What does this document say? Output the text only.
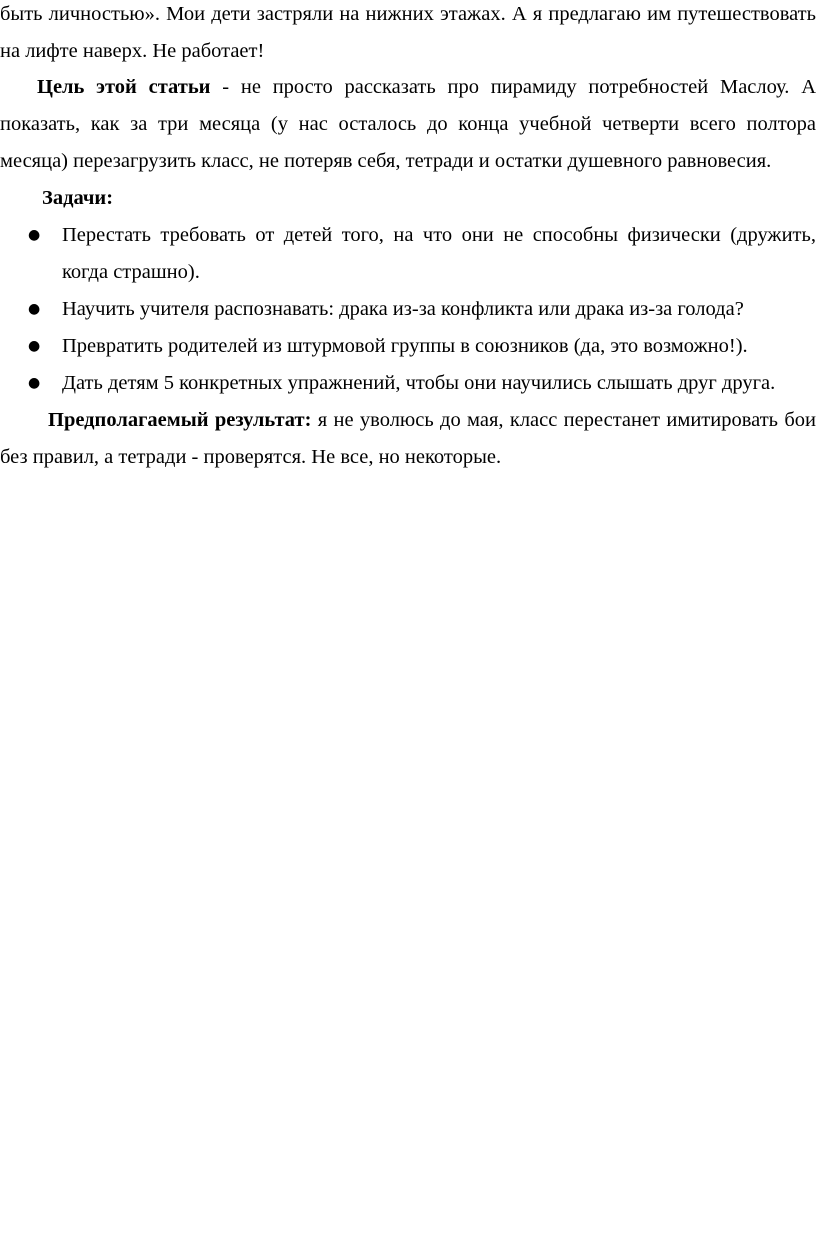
быть личностью». Мои дети застряли на нижних этажах. А я предлагаю им путешествовать на лифте наверх. Не работает!

Цель этой статьи - не просто рассказать про пирамиду потребностей Маслоу. А показать, как за три месяца (у нас осталось до конца учебной четверти всего полтора месяца) перезагрузить класс, не потеряв себя, тетради и остатки душевного равновесия.

Задачи:

● Перестать требовать от детей того, на что они не способны физически (дружить, когда страшно).
● Научить учителя распознавать: драка из-за конфликта или драка из-за голода?
● Превратить родителей из штурмовой группы в союзников (да, это возможно!).
● Дать детям 5 конкретных упражнений, чтобы они научились слышать друг друга.

Предполагаемый результат: я не уволюсь до мая, класс перестанет имитировать бои без правил, а тетради - проверятся. Не все, но некоторые.
